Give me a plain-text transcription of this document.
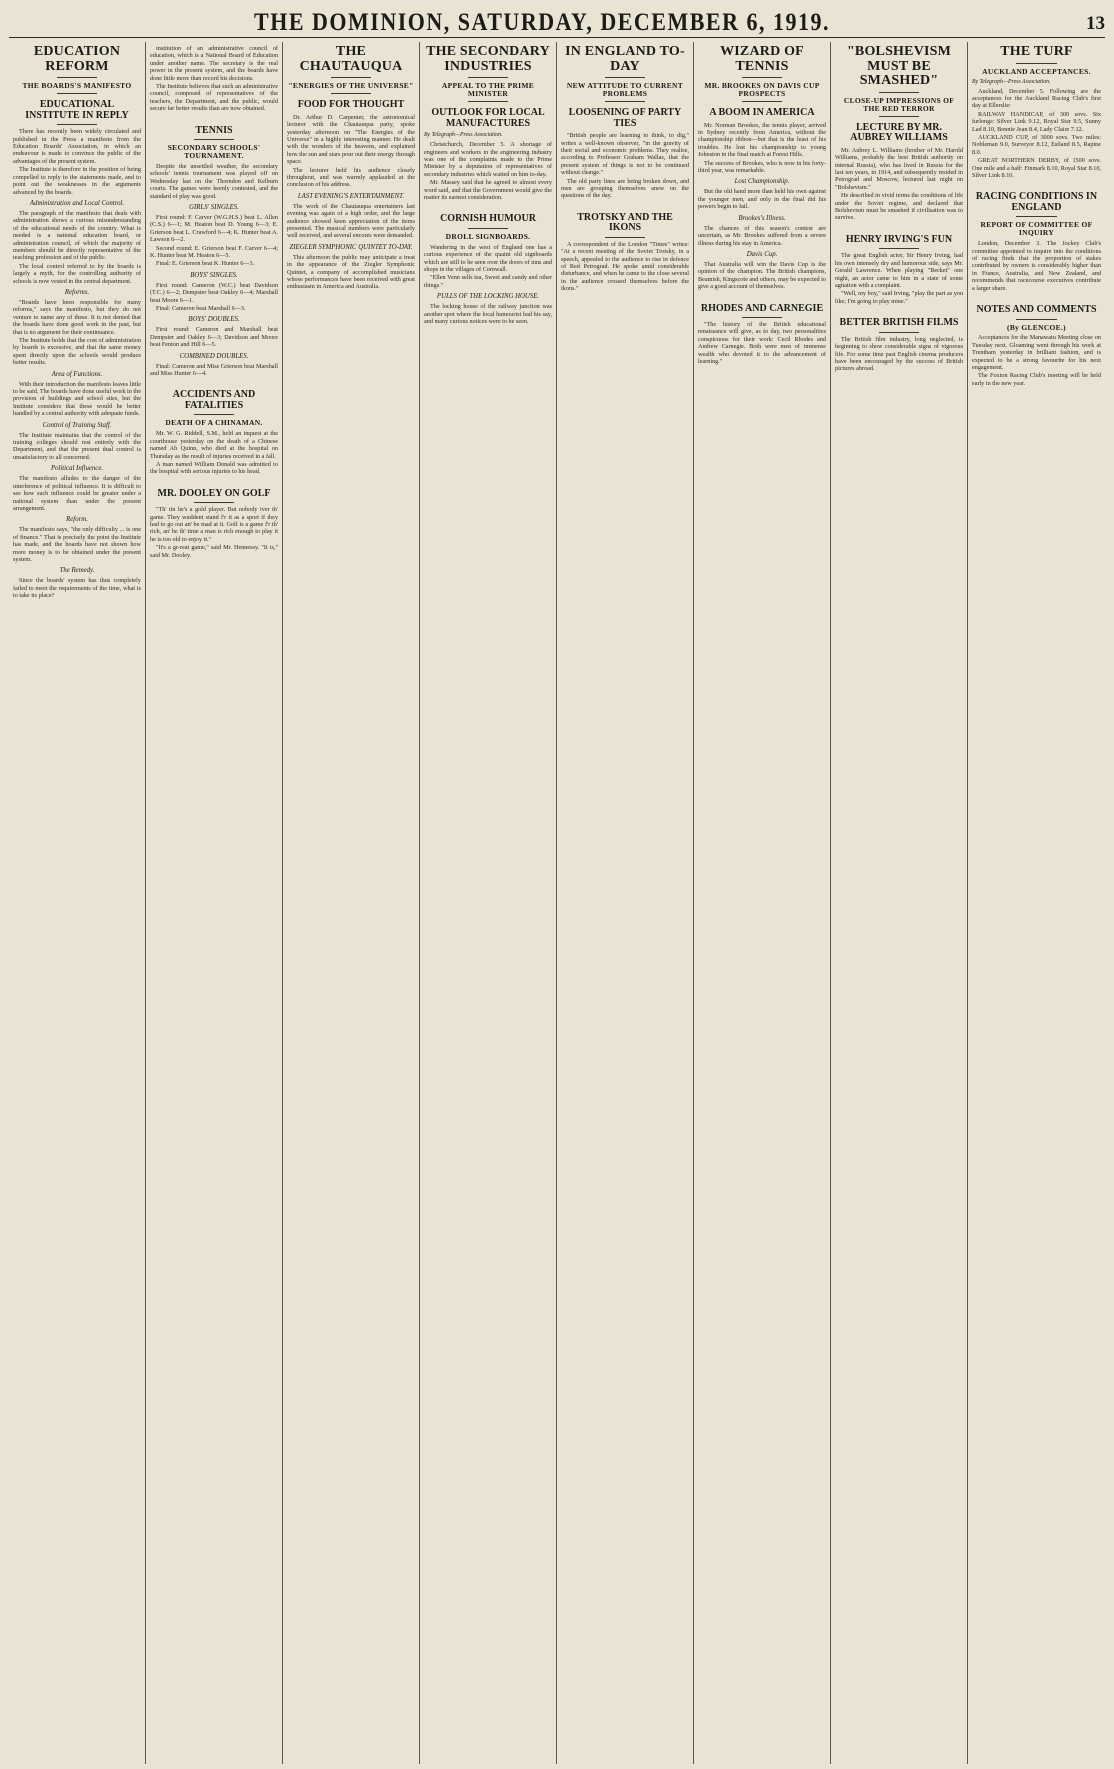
THE DOMINION, SATURDAY, DECEMBER 6, 1919.	13
EDUCATION REFORM
THE BOARDS'S MANIFESTO
EDUCATIONAL INSTITUTE IN REPLY

There has recently been widely circulated and published in the Press a manifesto from the Education Boards' Association, in which an endeavour is made to convince the public of the advantages of the present system.

The Institute is therefore in the position of being compelled to reply to the statements made, and to point out the weaknesses in the arguments advanced by the boards.

Administration and Local Control.

The paragraph of the manifesto that deals with administration shows a curious misunderstanding of the educational needs of the country. What is needed is a national education board, or administration council, of which the majority of members should be directly representative of the teaching profession and of the public.

The local control referred to by the boards is largely a myth, for the controlling authority of schools is now vested in the central department.

Reforms.

"Boards have been responsible for many reforms," says the manifesto, but they do not venture to name any of these. It is not denied that the boards have done good work in the past, but that is no argument for their continuance.

The Institute holds that the cost of administration by boards is excessive, and that the same money spent directly upon the schools would produce better results.

Area of Functions.

With their introduction the manifesto leaves little to be said. The boards have done useful work in the provision of buildings and school sites, but the Institute considers that these would be better handled by a central authority with adequate funds.

Control of Training Staff.

The Institute maintains that the control of the training colleges should rest entirely with the Department, and that the present dual control is unsatisfactory to all concerned.

Political Influence.

The manifesto alludes to the danger of the interference of political influence. It is difficult to see how such influence could be greater under a national system than under the present arrangement.

Reform.

The manifesto says, "the only difficulty ... is one of finance." That is precisely the point the Institute has made, and the boards have not shown how more money is to be obtained under the present system.

The Remedy.

Since the boards' system has thus completely failed to meet the requirements of the time, what is to take its place?

institution of an administrative council of education, which is a National Board of Education under another name. The secretary is the real power in the present system, and the boards have done little more than record his decisions.

The Institute believes that such an administrative council, composed of representatives of the teachers, the Department, and the public, would secure far better results than are now obtained.

TENNIS
SECONDARY SCHOOLS' TOURNAMENT.

Despite the unsettled weather, the secondary schools' tennis tournament was played off on Wednesday last on the Thorndon and Kelburn courts. The games were keenly contested, and the standard of play was good.

GIRLS' SINGLES.

First round: F. Carver (W.G.H.S.) beat L. Allen (C.S.) 6—1; M. Heaton beat D. Young 6—3; E. Grierson beat L. Crawford 6—4; K. Hunter beat A. Lawson 6—2.

Second round: E. Grierson beat F. Carver 6—4; K. Hunter beat M. Heaton 6—5.

Final: E. Grierson beat K. Hunter 6—3.

BOYS' SINGLES.

First round: Cameron (W.C.) beat Davidson (T.C.) 6—2; Dempster beat Oakley 6—4; Marshall beat Moore 6—1.

Final: Cameron beat Marshall 6—3.

BOYS' DOUBLES.

First round: Cameron and Marshall beat Dempster and Oakley 6—3; Davidson and Moore beat Fenton and Hill 6—5.

COMBINED DOUBLES.

Final: Cameron and Miss Grierson beat Marshall and Miss Hunter 6—4.

ACCIDENTS AND FATALITIES
DEATH OF A CHINAMAN.

Mr. W. G. Riddell, S.M., held an inquest at the courthouse yesterday on the death of a Chinese named Ah Quinn, who died at the hospital on Thursday as the result of injuries received in a fall.

A man named William Donald was admitted to the hospital with serious injuries to his head.

MR. DOOLEY ON GOLF

"Th' tin he's a gold player. But nobody iver th' game. They wuddent stand f'r it as a sport if they had to go out an' be mad at it. Golf is a game f'r th' rich, an' be th' time a man is rich enough to play it he is too old to enjoy it."

"It's a gr-reat game," said Mr. Hennessy. "It is," said Mr. Dooley.

THE CHAUTAUQUA
"ENERGIES OF THE UNIVERSE"
FOOD FOR THOUGHT

Dr. Arthur D. Carpenter, the astronomical lecturer with the Chautauqua party, spoke yesterday afternoon on "The Energies of the Universe" in a highly interesting manner. He dealt with the wonders of the heavens, and explained how the sun and stars pour out their energy through space.

The lecturer held his audience closely throughout, and was warmly applauded at the conclusion of his address.

LAST EVENING'S ENTERTAINMENT.

The work of the Chautauqua entertainers last evening was again of a high order, and the large audience showed keen appreciation of the items presented. The musical numbers were particularly well received, and several encores were demanded.

ZIEGLER SYMPHONIC QUINTET TO-DAY.

This afternoon the public may anticipate a treat in the appearance of the Ziegler Symphonic Quintet, a company of accomplished musicians whose performances have been received with great enthusiasm in America and Australia.

THE SECONDARY INDUSTRIES
APPEAL TO THE PRIME MINISTER
OUTLOOK FOR LOCAL MANUFACTURES
By Telegraph—Press Association.

Christchurch, December 5. A shortage of engineers and workers in the engineering industry was one of the complaints made to the Prime Minister by a deputation of representatives of secondary industries which waited on him to-day.

Mr. Massey said that he agreed to almost every word said, and that the Government would give the matter its earnest consideration.

CORNISH HUMOUR
DROLL SIGNBOARDS.

Wandering in the west of England one has a curious experience of the quaint old signboards which are still to be seen over the doors of inns and shops in the villages of Cornwall.

"Ellen Venn sells tea, Sweet and candy and other things."

PULLS OF THE LOCKING HOUSE.

The locking house of the railway junction was another spot where the local humourist had his say, and many curious notices were to be seen.

IN ENGLAND TO-DAY
NEW ATTITUDE TO CURRENT PROBLEMS
LOOSENING OF PARTY TIES

"British people are learning to think, to dig," writes a well-known observer, "in the gravity of their social and economic problems. They realise, according to Professor Graham Wallas, that the present system of things is not to be continued without change."

The old party lines are being broken down, and men are grouping themselves anew on the questions of the day.

TROTSKY AND THE IKONS

A correspondent of the London "Times" writes: "At a recent meeting of the Soviet Trotsky, in a speech, appealed to the audience to rise in defence of Red Petrograd. He spoke amid considerable disturbance, and when he came to the close several in the audience crossed themselves before the ikons."

WIZARD OF TENNIS
MR. BROOKES ON DAVIS CUP PROSPECTS
A BOOM IN AMERICA

Mr. Norman Brookes, the tennis player, arrived in Sydney recently from America, without the championship ribbon—but that is the least of his troubles. He lost his championship to young Johnston in the final match at Forest Hills.

The success of Brookes, who is now in his forty-third year, was remarkable.

Lost Championship.

But the old hand more than held his own against the younger men, and only in the final did his powers begin to fail.

Brookes's Illness.

The chances of this season's contest are uncertain, as Mr. Brookes suffered from a severe illness during his stay in America.

Davis Cup.

That Australia will win the Davis Cup is the opinion of the champion. The British champions, Beamish, Kingscote and others, may be expected to give a good account of themselves.

RHODES AND CARNEGIE

"The history of the British educational renaissance will give, as to day, two personalities conspicuous for their work: Cecil Rhodes and Andrew Carnegie. Both were men of immense wealth who devoted it to the advancement of learning."

"BOLSHEVISM MUST BE SMASHED"
CLOSE-UP IMPRESSIONS OF THE RED TERROR
LECTURE BY MR. AUBREY WILLIAMS

Mr. Aubrey L. Williams (brother of Mr. Harold Williams, probably the best British authority on internal Russia), who has lived in Russia for the last ten years, in 1914, and subsequently resided in Petrograd and Moscow, lectured last night on "Bolshevism."

He described in vivid terms the conditions of life under the Soviet regime, and declared that Bolshevism must be smashed if civilisation was to survive.

HENRY IRVING'S FUN

The great English actor, Sir Henry Irving, had his own intensely dry and humorous side, says Mr. Gerald Lawrence. When playing "Becket" one night, an actor came to him in a state of some agitation with a complaint.

"Well, my boy," said Irving, "play the part as you like; I'm going to play mine."

BETTER BRITISH FILMS

The British film industry, long neglected, is beginning to show considerable signs of vigorous life. For some time past English cinema producers have been encouraged by the success of British pictures abroad.

THE TURF
AUCKLAND ACCEPTANCES.
By Telegraph—Press Association.

Auckland, December 5. Following are the acceptances for the Auckland Racing Club's first day at Ellerslie:

RAILWAY HANDICAP, of 300 sovs. Six furlongs: Silver Link 9.12, Royal Star 9.5, Sunny Lad 8.10, Bonnie Jean 8.4, Lady Claire 7.12.

AUCKLAND CUP, of 3000 sovs. Two miles: Nobleman 9.0, Surveyor 8.12, Estland 8.5, Rapine 8.0.

GREAT NORTHERN DERBY, of 1500 sovs. One mile and a half: Finmark 8.10, Royal Star 8.10, Silver Link 8.10.

RACING CONDITIONS IN ENGLAND
REPORT OF COMMITTEE OF INQUIRY

London, December 3. The Jockey Club's committee appointed to inquire into the conditions of racing finds that the proportion of stakes contributed by owners is considerably higher than in France, Australia, and New Zealand, and recommends that racecourse executives contribute a larger share.

NOTES AND COMMENTS
(By GLENCOE.)

Acceptances for the Manawatu Meeting close on Tuesday next. Gloaming went through his work at Trentham yesterday in brilliant fashion, and is expected to be a strong favourite for his next engagement.

The Foxton Racing Club's meeting will be held early in the new year.
